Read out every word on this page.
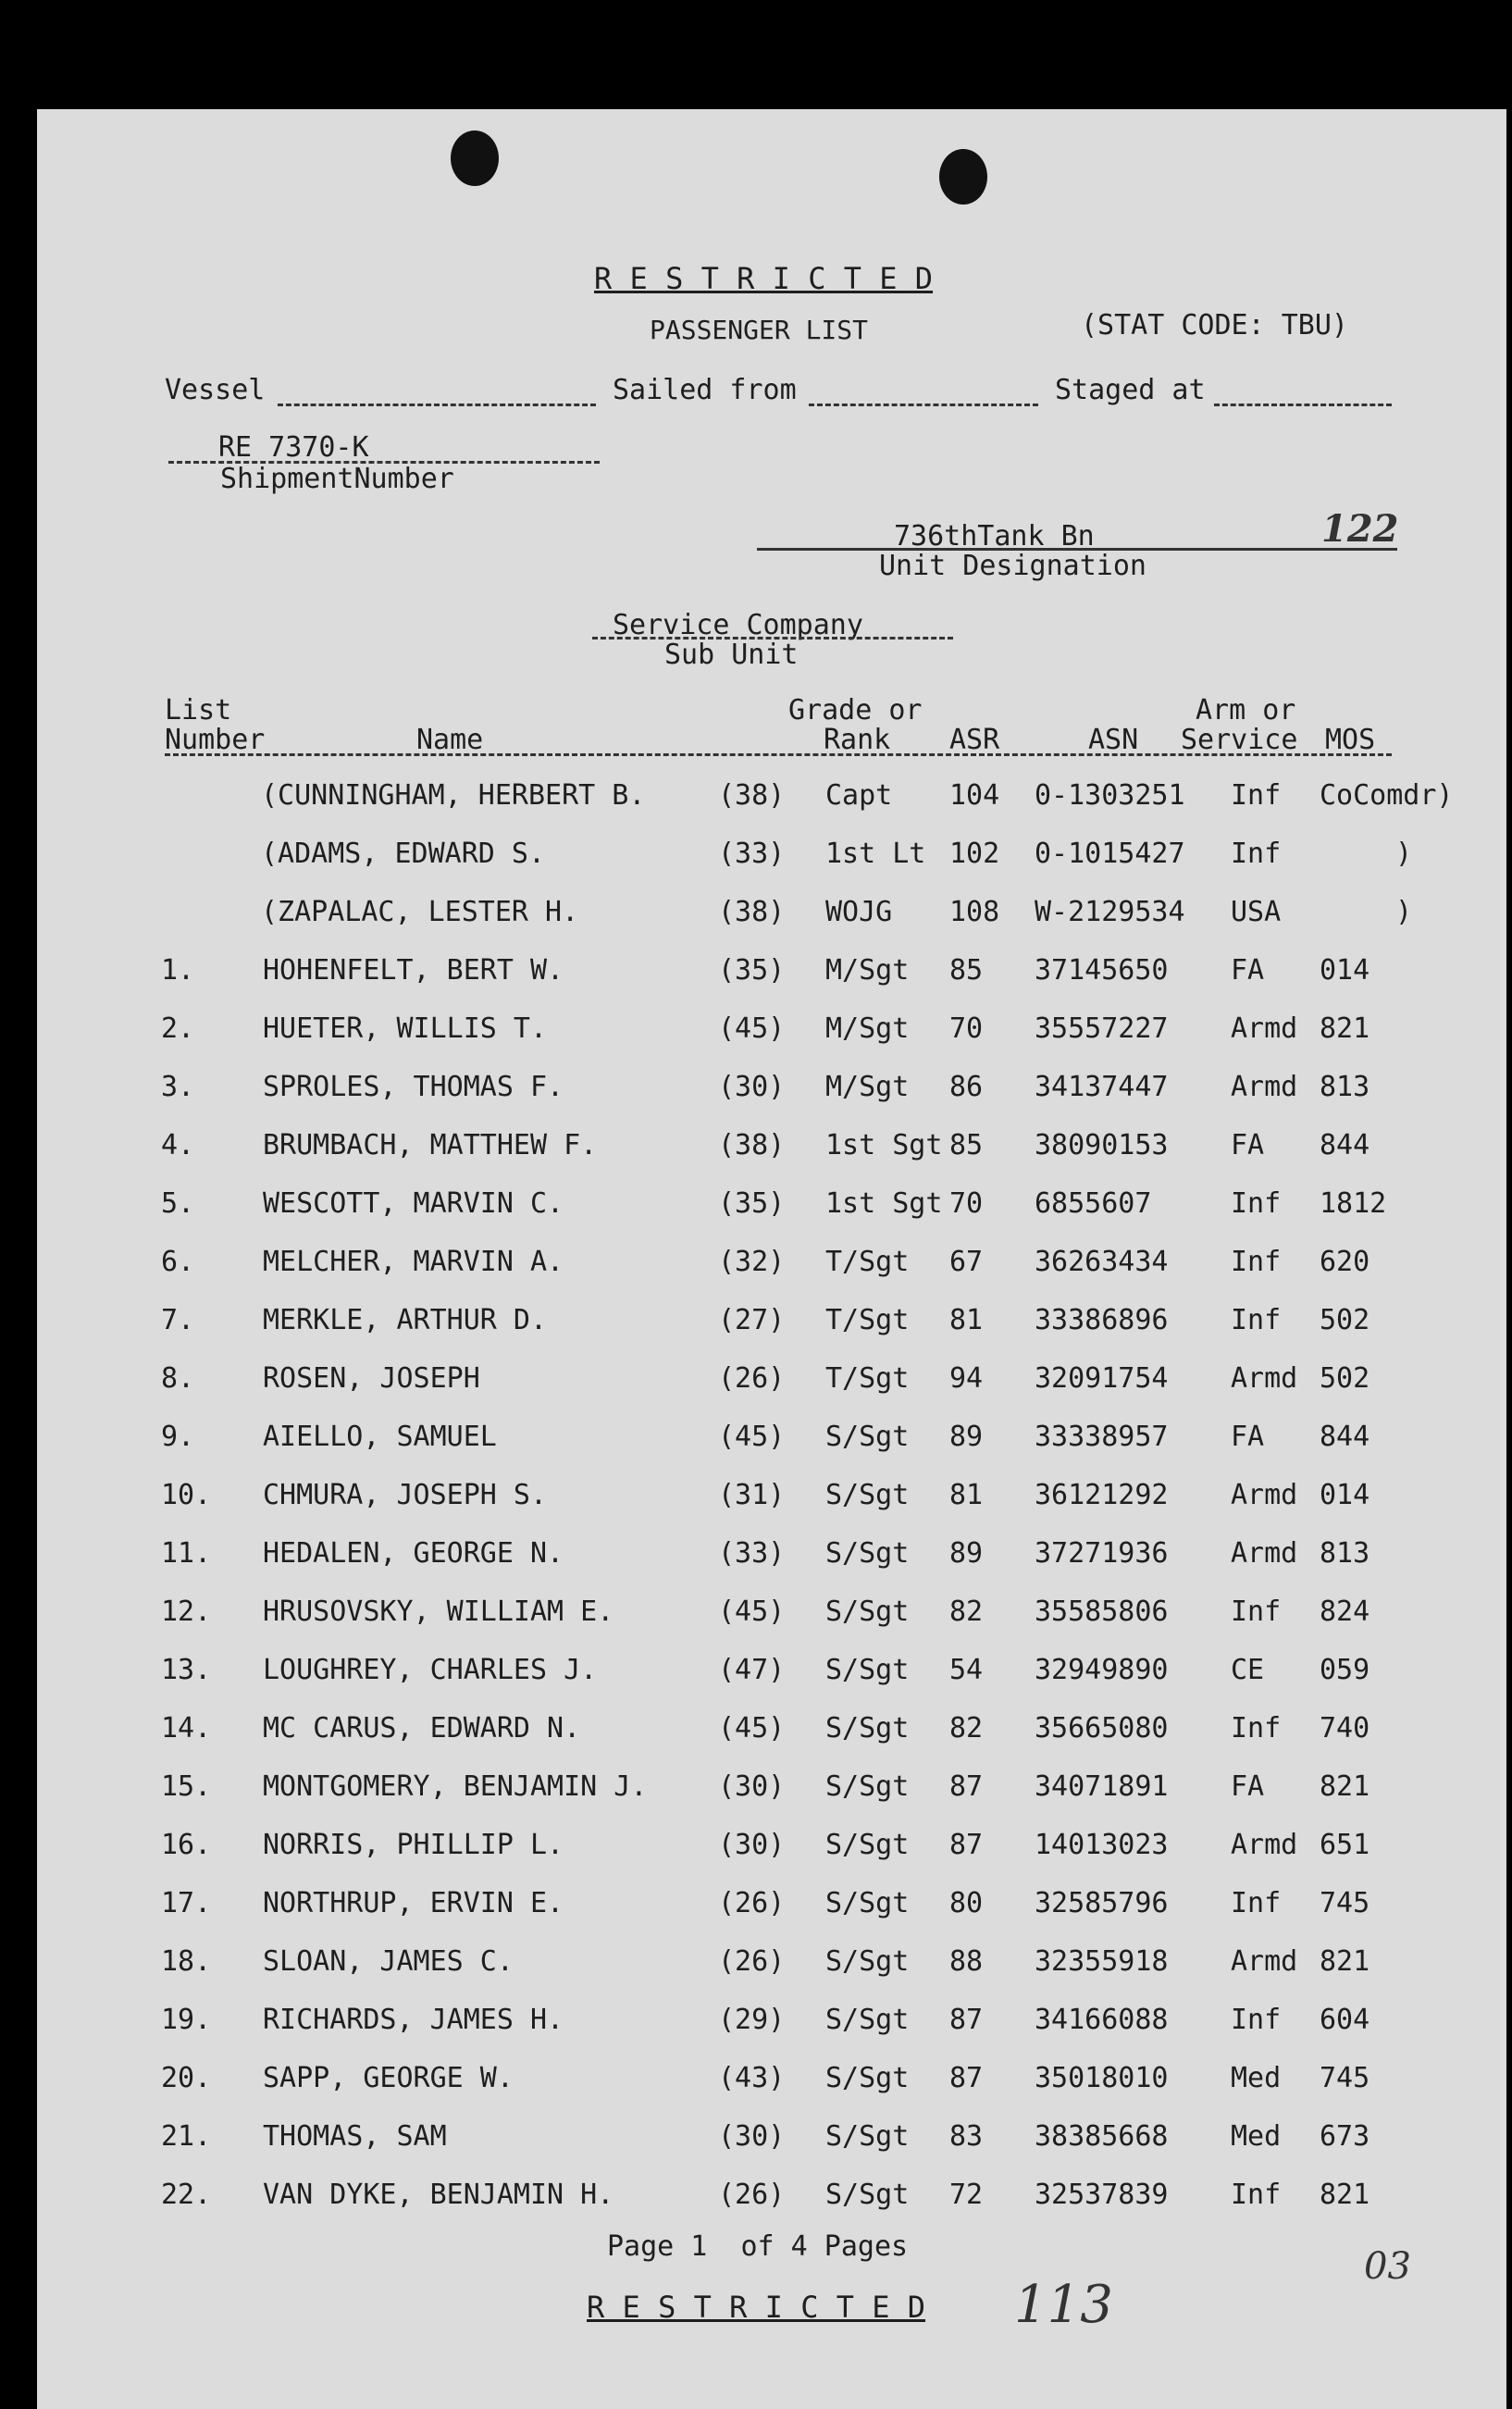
R E S T R I C T E D
PASSENGER LIST	(STAT CODE: TBU)
Vessel	Sailed from	Staged at
RE 7370-K
ShipmentNumber
736thTank Bn	122
Unit Designation
Service Company
Sub Unit
List
Number	Name
Grade or
Rank ASR	ASN
Arm or
Service MOS
(CUNNINGHAM, HERBERT B.	(38) Capt 104 0-1303251 Inf CoComdr)
(ADAMS, EDWARD S.	(33) 1st Lt 102 0-1015427 Inf	)
(ZAPALAC, LESTER H.	(38) WOJG 108 W-2129534 USA	)
1. HOHENFELT, BERT W.	(35) M/Sgt 85 37145650 FA 014
2. HUETER, WILLIS T.	(45) M/Sgt 70 35557227 Armd 821
3. SPROLES, THOMAS F.	(30) M/Sgt 86 34137447 Armd 813
4. BRUMBACH, MATTHEW F.	(38) 1st Sgt 85 38090153 FA 844
5. WESCOTT, MARVIN C.	(35) 1st Sgt 70 6855607	Inf 1812
6. MELCHER, MARVIN A.	(32) T/Sgt 67 36263434 Inf 620
7. MERKLE, ARTHUR D.	(27) T/Sgt 81 33386896 Inf 502
8. ROSEN, JOSEPH	(26) T/Sgt 94 32091754 Armd 502
9. AIELLO, SAMUEL	(45) S/Sgt 89 33338957 FA 844
10. CHMURA, JOSEPH S.	(31) S/Sgt 81 36121292 Armd 014
11. HEDALEN, GEORGE N.	(33) S/Sgt 89 37271936 Armd 813
12. HRUSOVSKY, WILLIAM E.	(45) S/Sgt 82 35585806 Inf 824
13. LOUGHREY, CHARLES J.	(47) S/Sgt 54 32949890 CE 059
14. MC CARUS, EDWARD N.	(45) S/Sgt 82 35665080 Inf 740
15. MONTGOMERY, BENJAMIN J.	(30) S/Sgt 87 34071891 FA 821
16. NORRIS, PHILLIP L.	(30) S/Sgt 87 14013023 Armd 651
17. NORTHRUP, ERVIN E.	(26) S/Sgt 80 32585796 Inf 745
18. SLOAN, JAMES C.	(26) S/Sgt 88 32355918 Armd 821
19. RICHARDS, JAMES H.	(29) S/Sgt 87 34166088 Inf 604
20. SAPP, GEORGE W.	(43) S/Sgt 87 35018010 Med 745
21. THOMAS, SAM	(30) S/Sgt 83 38385668 Med 673
22. VAN DYKE, BENJAMIN H.	(26) S/Sgt 72 32537839 Inf 821
Page 1  of 4 Pages
R E S T R I C T E D 113
03
